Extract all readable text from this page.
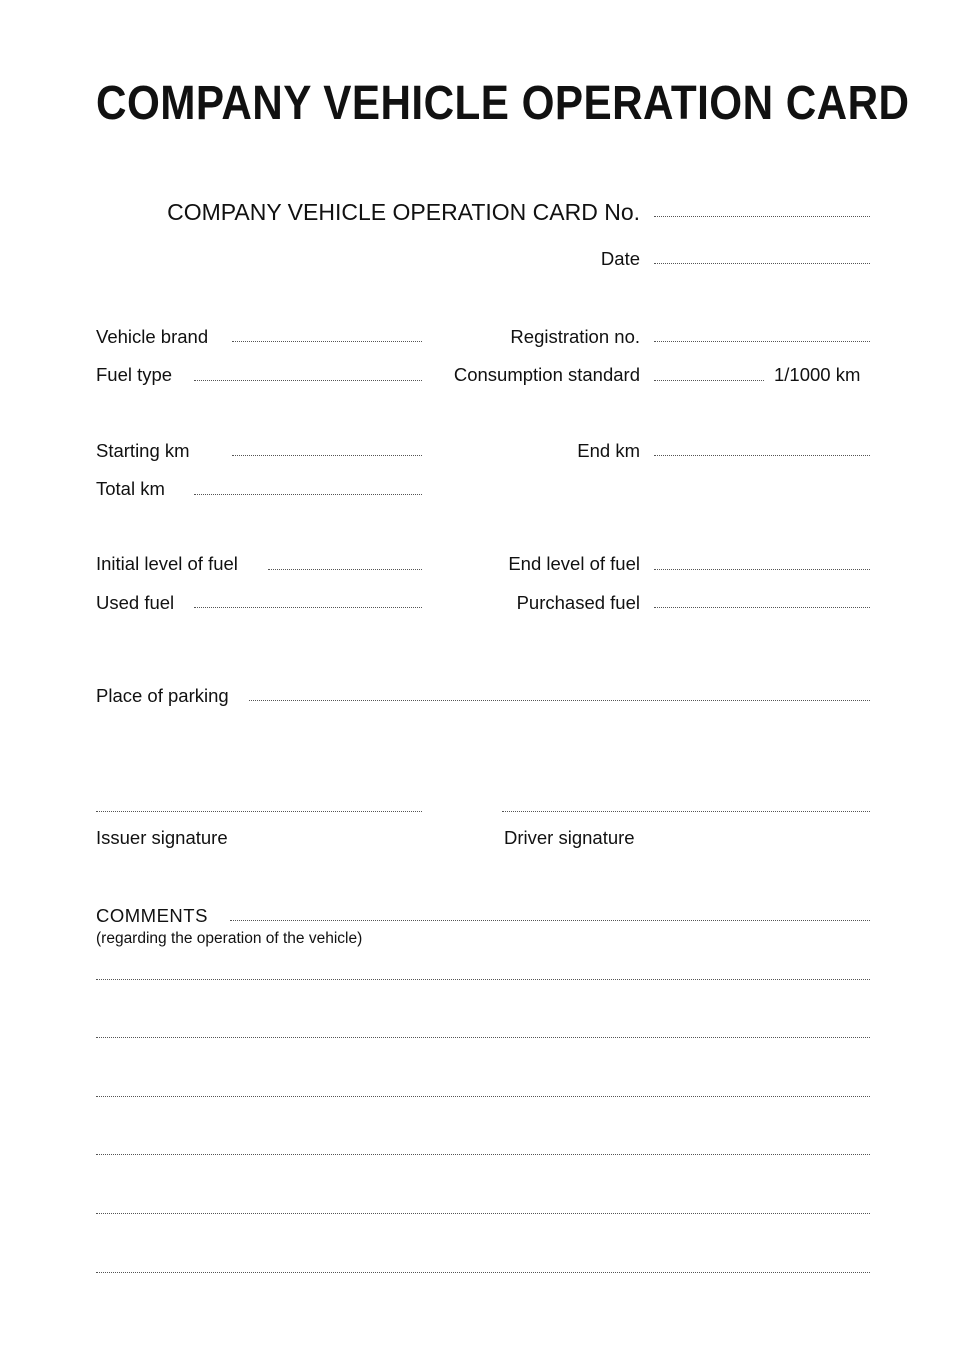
COMPANY VEHICLE OPERATION CARD
COMPANY VEHICLE OPERATION CARD No.
Date
Vehicle brand	Registration no.
Fuel type	Consumption standard	1/1000 km
Starting km	End km
Total km
Initial level of fuel	End level of fuel
Used fuel	Purchased fuel
Place of parking
Issuer signature	Driver signature
COMMENTS
(regarding the operation of the vehicle)
